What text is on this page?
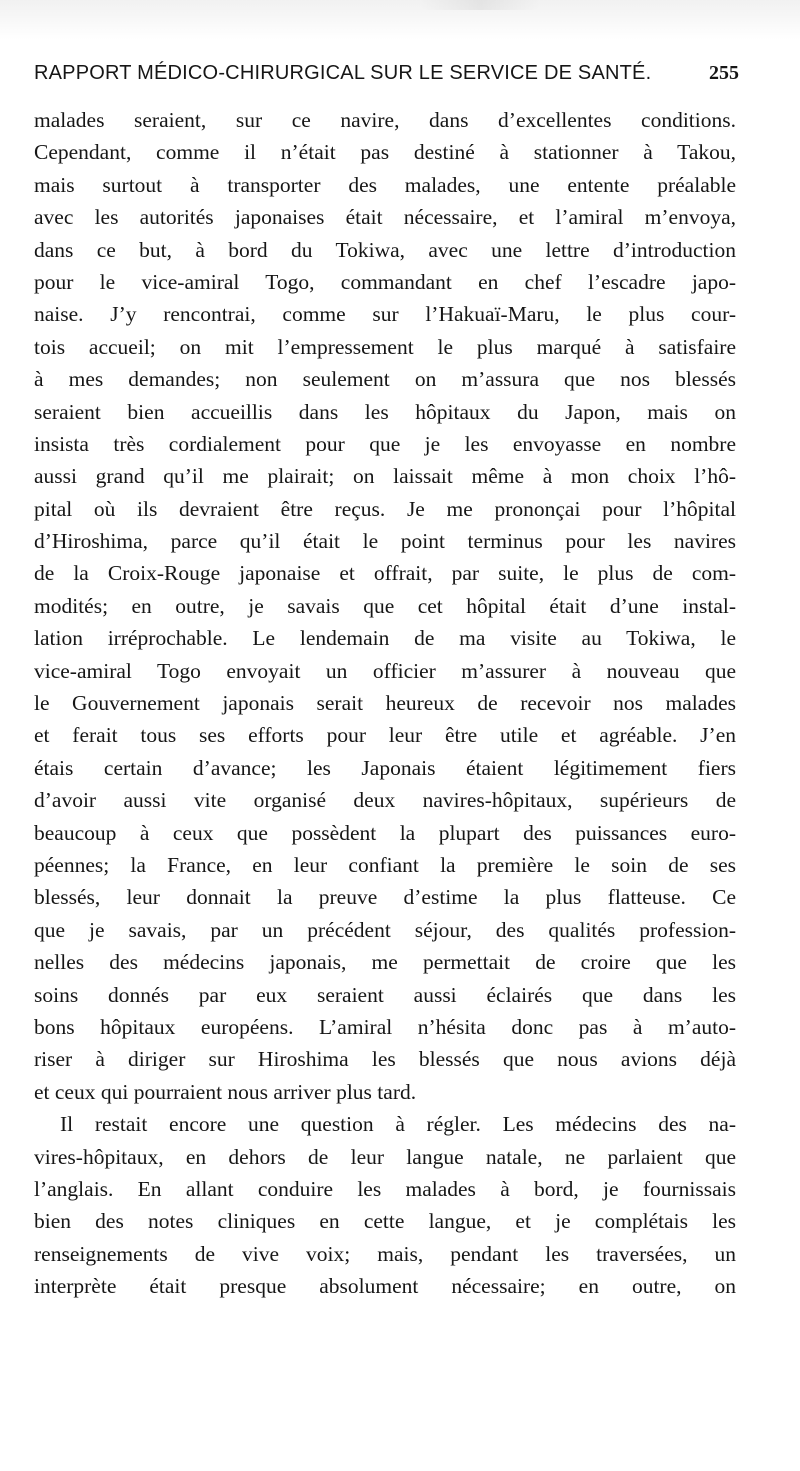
RAPPORT MÉDICO-CHIRURGICAL SUR LE SERVICE DE SANTÉ.	255
malades seraient, sur ce navire, dans d’excellentes conditions.
Cependant, comme il n’était pas destiné à stationner à Takou,
mais surtout à transporter des malades, une entente préalable
avec les autorités japonaises était nécessaire, et l’amiral m’envoya,
dans ce but, à bord du Tokiwa, avec une lettre d’introduction
pour le vice-amiral Togo, commandant en chef l’escadre japo-
naise. J’y rencontrai, comme sur l’Hakuaï-Maru, le plus cour-
tois accueil; on mit l’empressement le plus marqué à satisfaire
à mes demandes; non seulement on m’assura que nos blessés
seraient bien accueillis dans les hôpitaux du Japon, mais on
insista très cordialement pour que je les envoyasse en nombre
aussi grand qu’il me plairait; on laissait même à mon choix l’hô-
pital où ils devraient être reçus. Je me prononçai pour l’hôpital
d’Hiroshima, parce qu’il était le point terminus pour les navires
de la Croix-Rouge japonaise et offrait, par suite, le plus de com-
modités; en outre, je savais que cet hôpital était d’une instal-
lation irréprochable. Le lendemain de ma visite au Tokiwa, le
vice-amiral Togo envoyait un officier m’assurer à nouveau que
le Gouvernement japonais serait heureux de recevoir nos malades
et ferait tous ses efforts pour leur être utile et agréable. J’en
étais certain d’avance; les Japonais étaient légitimement fiers
d’avoir aussi vite organisé deux navires-hôpitaux, supérieurs de
beaucoup à ceux que possèdent la plupart des puissances euro-
péennes; la France, en leur confiant la première le soin de ses
blessés, leur donnait la preuve d’estime la plus flatteuse. Ce
que je savais, par un précédent séjour, des qualités profession-
nelles des médecins japonais, me permettait de croire que les
soins donnés par eux seraient aussi éclairés que dans les
bons hôpitaux européens. L’amiral n’hésita donc pas à m’auto-
riser à diriger sur Hiroshima les blessés que nous avions déjà
et ceux qui pourraient nous arriver plus tard.
Il restait encore une question à régler. Les médecins des na-
vires-hôpitaux, en dehors de leur langue natale, ne parlaient que
l’anglais. En allant conduire les malades à bord, je fournissais
bien des notes cliniques en cette langue, et je complétais les
renseignements de vive voix; mais, pendant les traversées, un
interprète était presque absolument nécessaire; en outre, on
